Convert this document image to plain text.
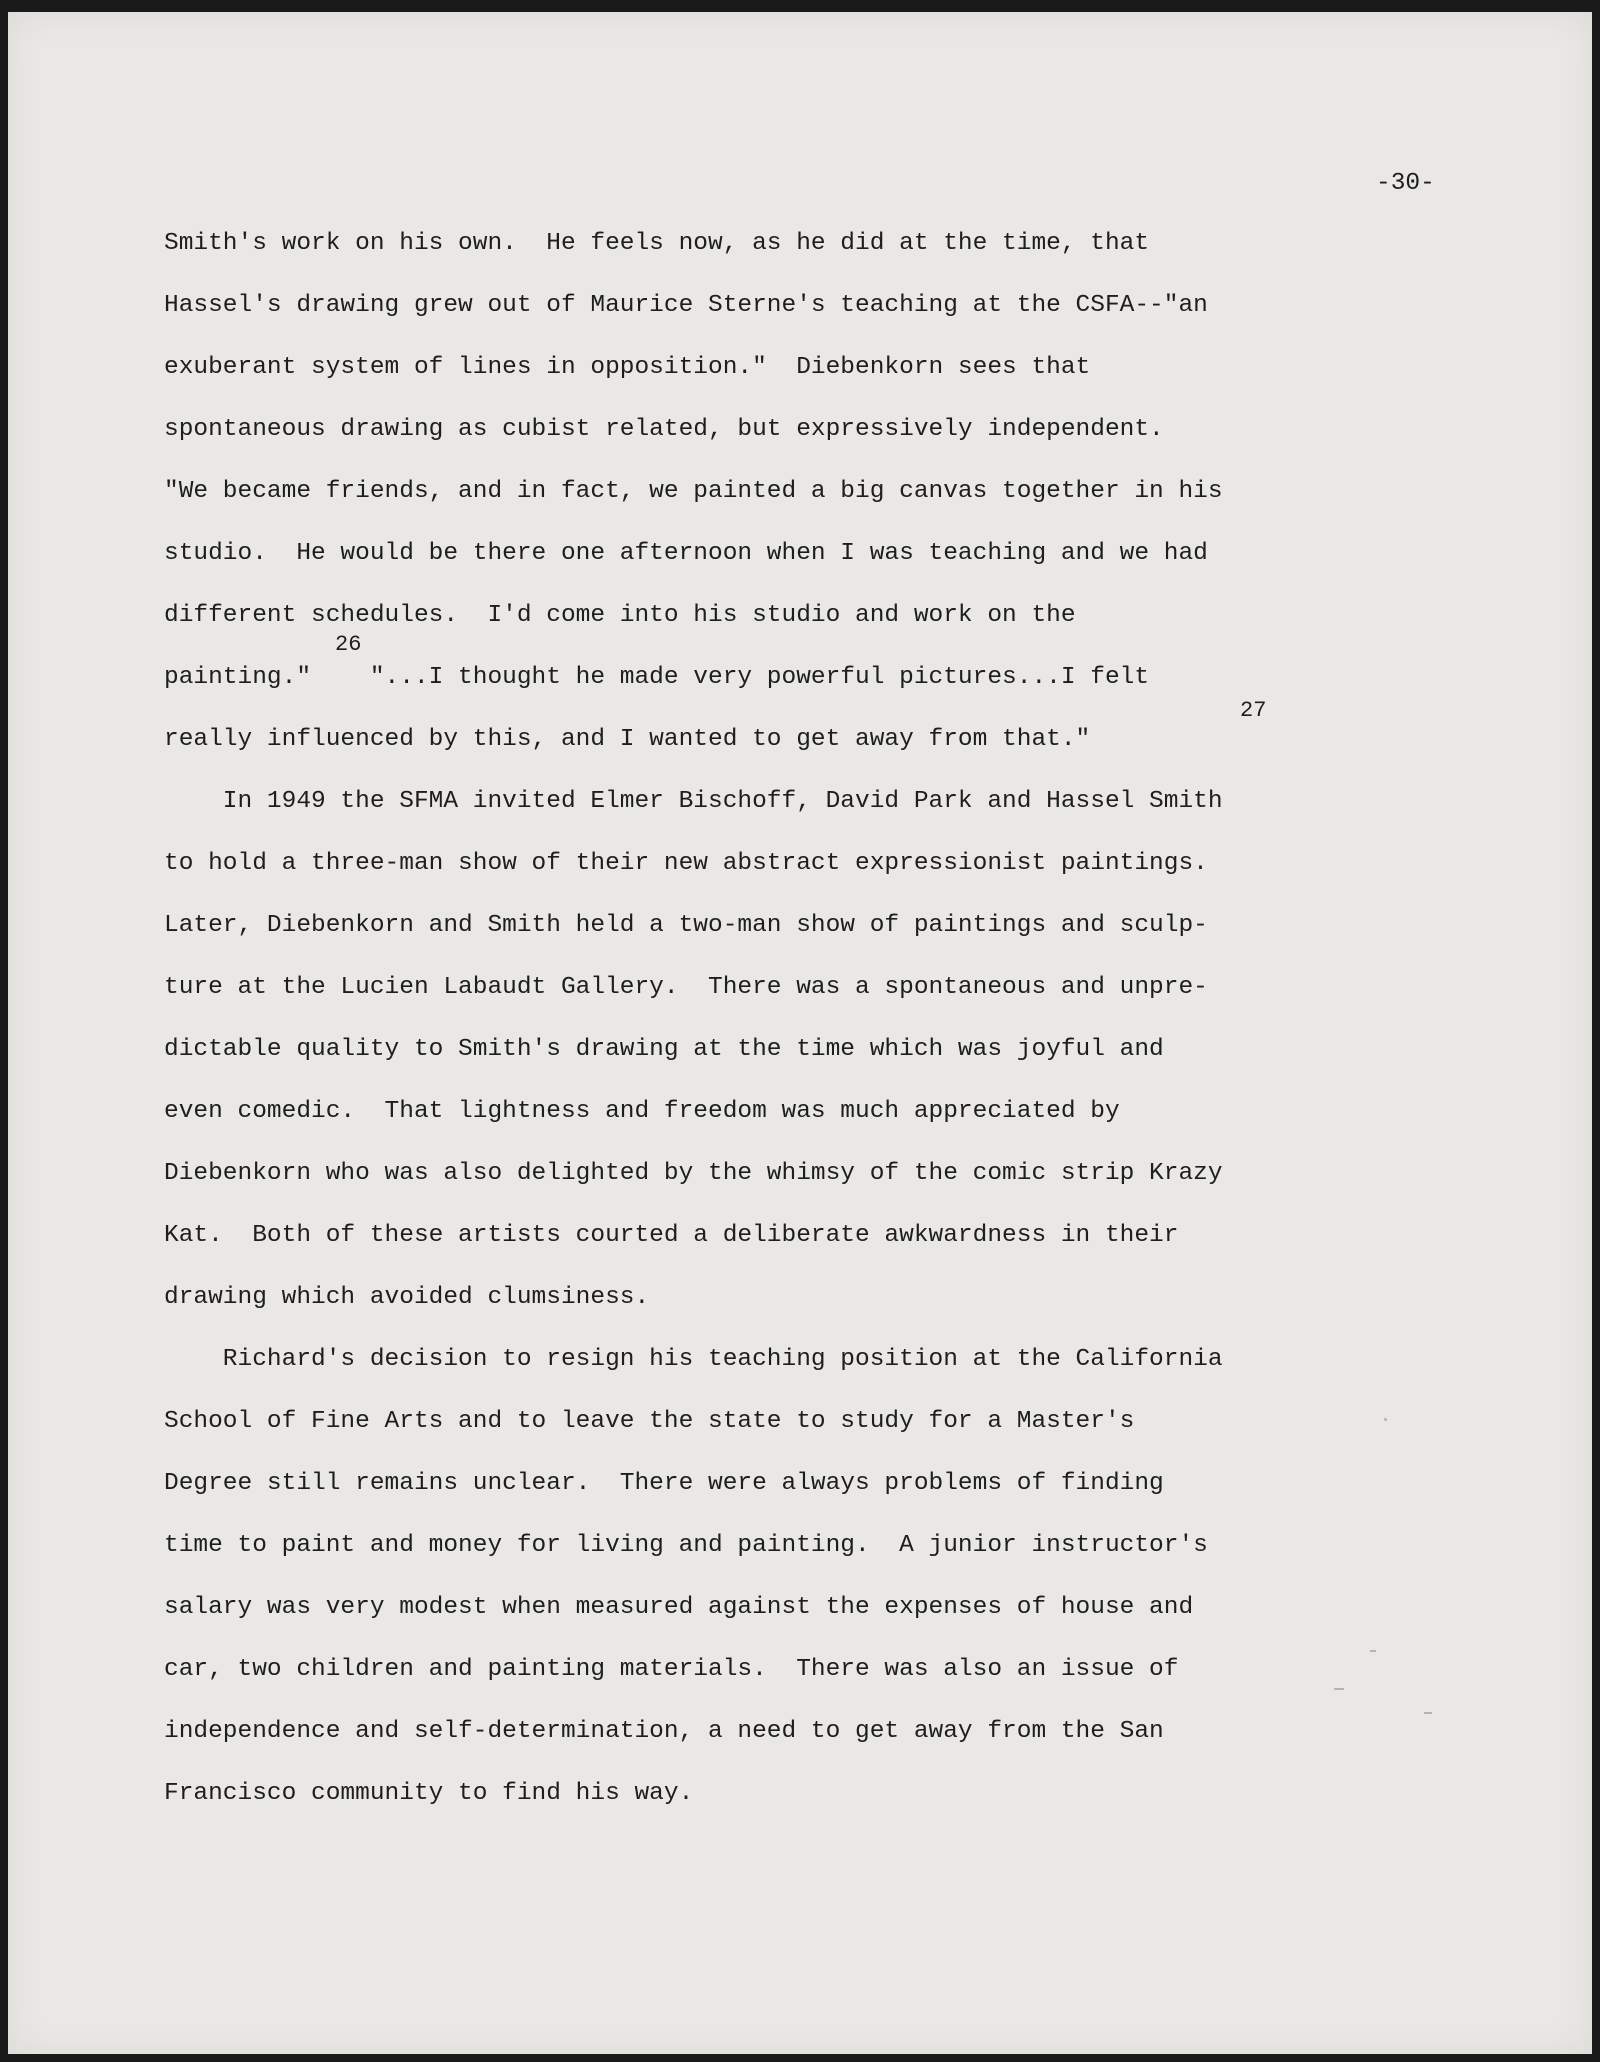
-30-
Smith's work on his own.  He feels now, as he did at the time, that
Hassel's drawing grew out of Maurice Sterne's teaching at the CSFA--"an
exuberant system of lines in opposition."  Diebenkorn sees that
spontaneous drawing as cubist related, but expressively independent.
"We became friends, and in fact, we painted a big canvas together in his
studio.  He would be there one afternoon when I was teaching and we had
different schedules.  I'd come into his studio and work on the
26
painting."    "...I thought he made very powerful pictures...I felt
27
really influenced by this, and I wanted to get away from that."
In 1949 the SFMA invited Elmer Bischoff, David Park and Hassel Smith
to hold a three-man show of their new abstract expressionist paintings.
Later, Diebenkorn and Smith held a two-man show of paintings and sculp-
ture at the Lucien Labaudt Gallery.  There was a spontaneous and unpre-
dictable quality to Smith's drawing at the time which was joyful and
even comedic.  That lightness and freedom was much appreciated by
Diebenkorn who was also delighted by the whimsy of the comic strip Krazy
Kat.  Both of these artists courted a deliberate awkwardness in their
drawing which avoided clumsiness.
Richard's decision to resign his teaching position at the California
School of Fine Arts and to leave the state to study for a Master's
Degree still remains unclear.  There were always problems of finding
time to paint and money for living and painting.  A junior instructor's
salary was very modest when measured against the expenses of house and
car, two children and painting materials.  There was also an issue of
independence and self-determination, a need to get away from the San
Francisco community to find his way.
